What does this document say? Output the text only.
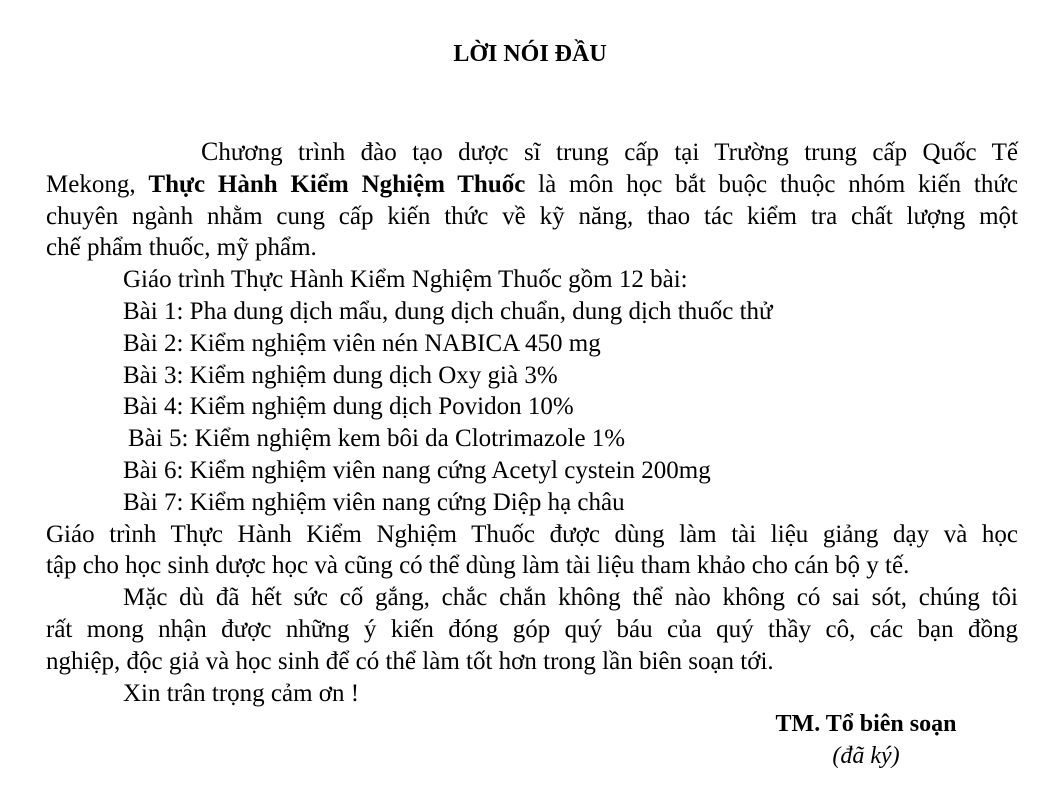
LỜI NÓI ĐẦU

Chương trình đào tạo dược sĩ trung cấp tại Trường trung cấp Quốc Tế
Mekong, Thực Hành Kiểm Nghiệm Thuốc là môn học bắt buộc thuộc nhóm kiến thức
chuyên ngành nhằm cung cấp kiến thức về kỹ năng, thao tác kiểm tra chất lượng một
chế phẩm thuốc, mỹ phẩm.

Giáo trình Thực Hành Kiểm Nghiệm Thuốc gồm 12 bài:

Bài 1: Pha dung dịch mẩu, dung dịch chuẩn, dung dịch thuốc thử

Bài 2: Kiểm nghiệm viên nén NABICA 450 mg

Bài 3: Kiểm nghiệm dung dịch Oxy già 3%

Bài 4: Kiểm nghiệm dung dịch Povidon 10%

Bài 5: Kiểm nghiệm kem bôi da Clotrimazole 1%

Bài 6: Kiểm nghiệm viên nang cứng Acetyl cystein 200mg

Bài 7: Kiểm nghiệm viên nang cứng Diệp hạ châu

Giáo trình Thực Hành Kiểm Nghiệm Thuốc được dùng làm tài liệu giảng dạy và học
tập cho học sinh dược học và cũng có thể dùng làm tài liệu tham khảo cho cán bộ y tế.

Mặc dù đã hết sức cố gắng, chắc chắn không thể nào không có sai sót, chúng tôi
rất mong nhận được những ý kiến đóng góp quý báu của quý thầy cô, các bạn đồng
nghiệp, độc giả và học sinh để có thể làm tốt hơn trong lần biên soạn tới.

Xin trân trọng cảm ơn !

TM. Tổ biên soạn
(đã ký)
